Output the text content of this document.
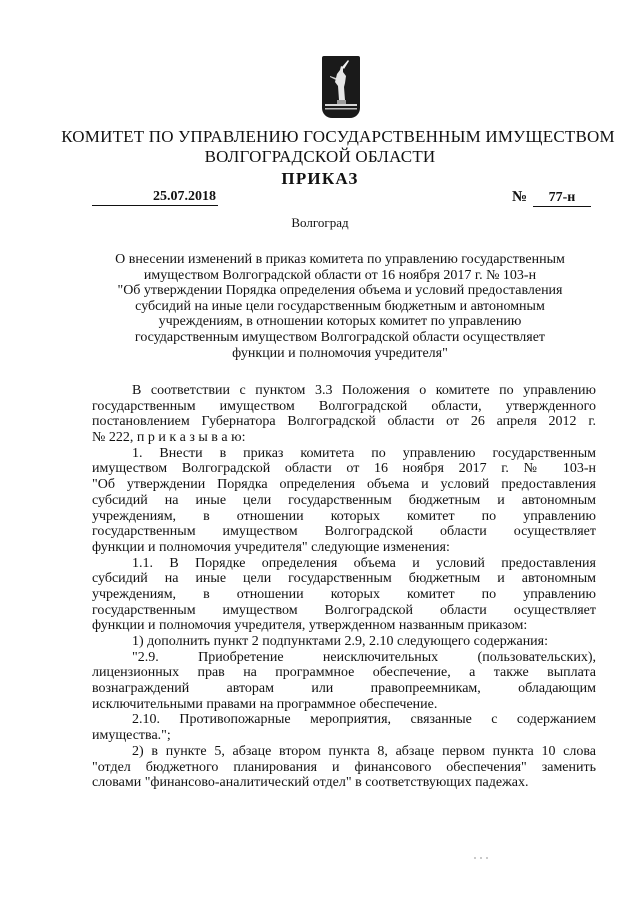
КОМИТЕТ ПО УПРАВЛЕНИЮ ГОСУДАРСТВЕННЫМ ИМУЩЕСТВОМ
ВОЛГОГРАДСКОЙ ОБЛАСТИ
ПРИКАЗ
25.07.2018	№	77-н
Волгоград
О внесении изменений в приказ комитета по управлению государственным
имуществом Волгоградской области от 16 ноября 2017 г. № 103-н
"Об утверждении Порядка определения объема и условий предоставления
субсидий на иные цели государственным бюджетным и автономным
учреждениям, в отношении которых комитет по управлению
государственным имуществом Волгоградской области осуществляет
функции и полномочия учредителя"
В соответствии с пунктом 3.3 Положения о комитете по управлению
государственным имуществом Волгоградской области, утвержденного
постановлением Губернатора Волгоградской области от 26 апреля 2012 г.
№ 222, п р и к а з ы в а ю:
1. Внести в приказ комитета по управлению государственным
имуществом Волгоградской области от 16 ноября 2017 г. № 103-н
"Об утверждении Порядка определения объема и условий предоставления
субсидий на иные цели государственным бюджетным и автономным
учреждениям, в отношении которых комитет по управлению
государственным имуществом Волгоградской области осуществляет
функции и полномочия учредителя" следующие изменения:
1.1. В Порядке определения объема и условий предоставления
субсидий на иные цели государственным бюджетным и автономным
учреждениям, в отношении которых комитет по управлению
государственным имуществом Волгоградской области осуществляет
функции и полномочия учредителя, утвержденном названным приказом:
1) дополнить пункт 2 подпунктами 2.9, 2.10 следующего содержания:
"2.9. Приобретение неисключительных (пользовательских),
лицензионных прав на программное обеспечение, а также выплата
вознаграждений авторам или правопреемникам, обладающим
исключительными правами на программное обеспечение.
2.10. Противопожарные мероприятия, связанные с содержанием
имущества.";
2) в пункте 5, абзаце втором пункта 8, абзаце первом пункта 10 слова
"отдел бюджетного планирования и финансового обеспечения" заменить
словами "финансово-аналитический отдел" в соответствующих падежах.
